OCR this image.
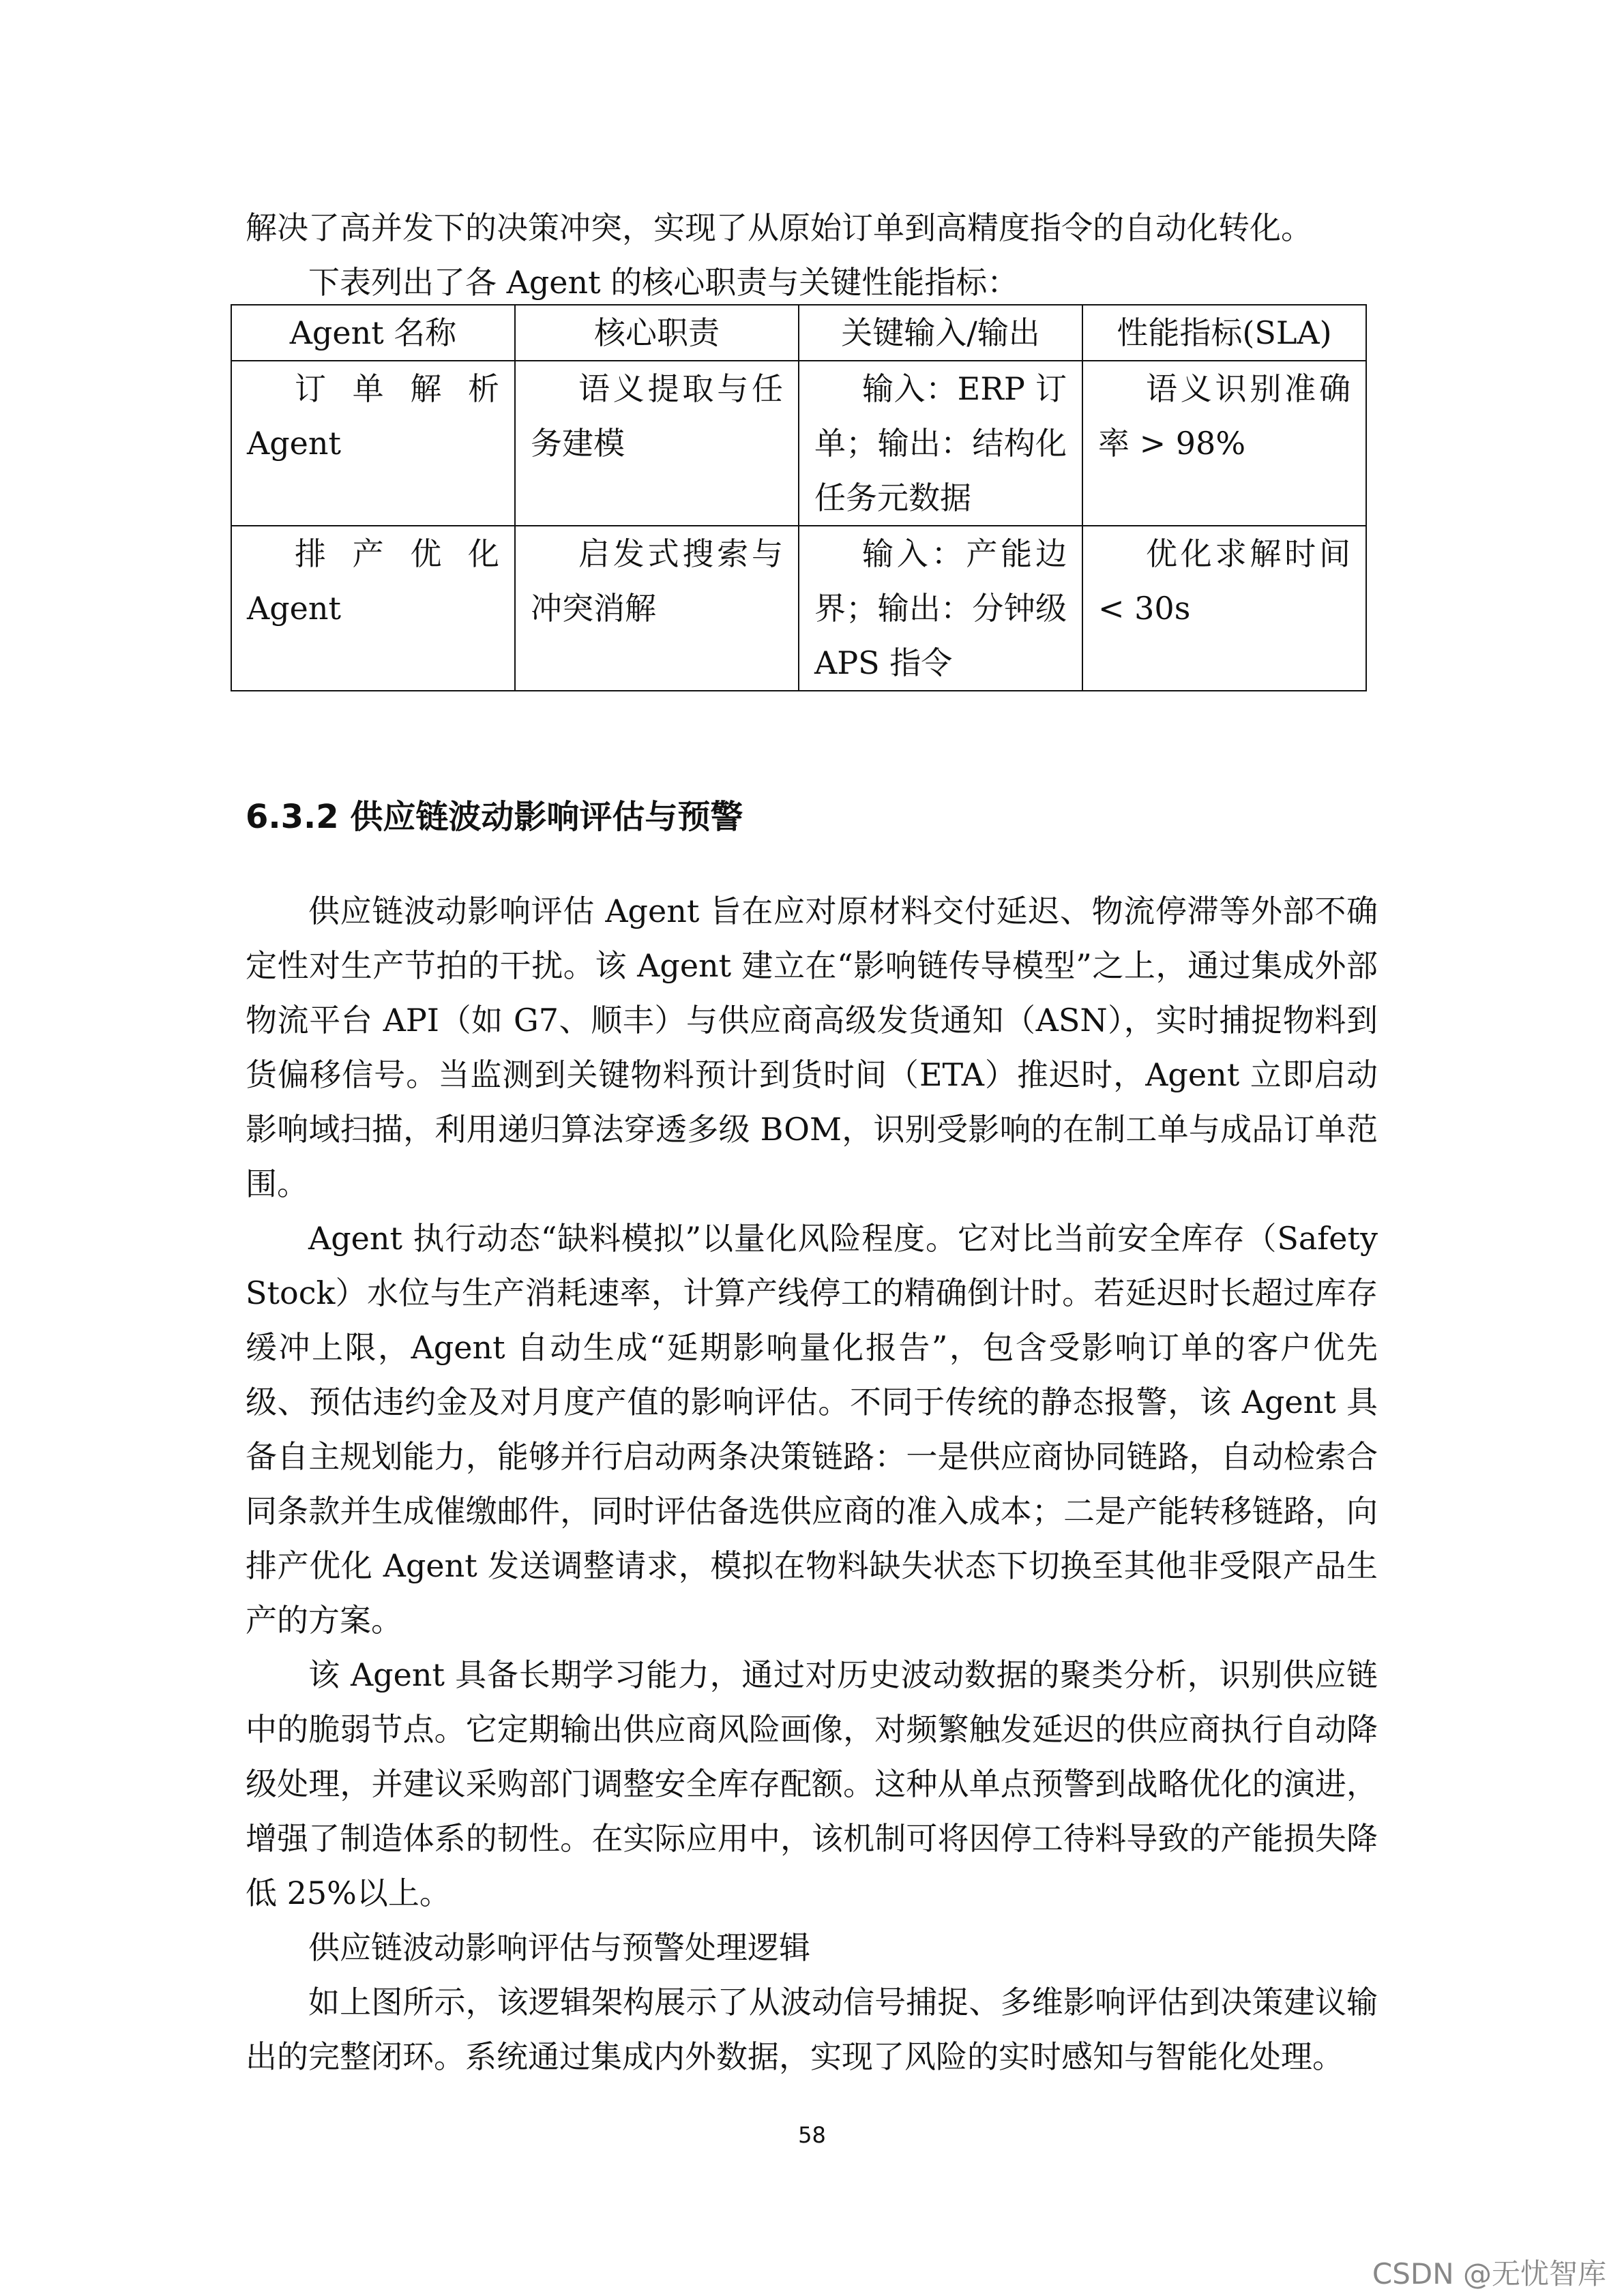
解决了高并发下的决策冲突，实现了从原始订单到高精度指令的自动化转化。

下表列出了各 Agent 的核心职责与关键性能指标：

Agent 名称	核心职责	关键输入/输出	性能指标(SLA)
订 单 解 析 Agent	语义提取与任务建模	输入：ERP 订单；输出：结构化任务元数据	语义识别准确率 > 98%
排 产 优 化 Agent	启发式搜索与冲突消解	输入：产能边界；输出：分钟级 APS 指令	优化求解时间 < 30s
6.3.2 供应链波动影响评估与预警

供应链波动影响评估 Agent 旨在应对原材料交付延迟、物流停滞等外部不确定性对生产节拍的干扰。该 Agent 建立在“影响链传导模型”之上，通过集成外部物流平台 API（如 G7、顺丰）与供应商高级发货通知（ASN），实时捕捉物料到货偏移信号。当监测到关键物料预计到货时间（ETA）推迟时，Agent 立即启动影响域扫描，利用递归算法穿透多级 BOM，识别受影响的在制工单与成品订单范围。

Agent 执行动态“缺料模拟”以量化风险程度。它对比当前安全库存（Safety Stock）水位与生产消耗速率，计算产线停工的精确倒计时。若延迟时长超过库存缓冲上限，Agent 自动生成“延期影响量化报告”，包含受影响订单的客户优先级、预估违约金及对月度产值的影响评估。不同于传统的静态报警，该 Agent 具备自主规划能力，能够并行启动两条决策链路：一是供应商协同链路，自动检索合同条款并生成催缴邮件，同时评估备选供应商的准入成本；二是产能转移链路，向排产优化 Agent 发送调整请求，模拟在物料缺失状态下切换至其他非受限产品生产的方案。

该 Agent 具备长期学习能力，通过对历史波动数据的聚类分析，识别供应链中的脆弱节点。它定期输出供应商风险画像，对频繁触发延迟的供应商执行自动降级处理，并建议采购部门调整安全库存配额。这种从单点预警到战略优化的演进，增强了制造体系的韧性。在实际应用中，该机制可将因停工待料导致的产能损失降低 25%以上。

供应链波动影响评估与预警处理逻辑

如上图所示，该逻辑架构展示了从波动信号捕捉、多维影响评估到决策建议输出的完整闭环。系统通过集成内外数据，实现了风险的实时感知与智能化处理。

58
CSDN @无忧智库
